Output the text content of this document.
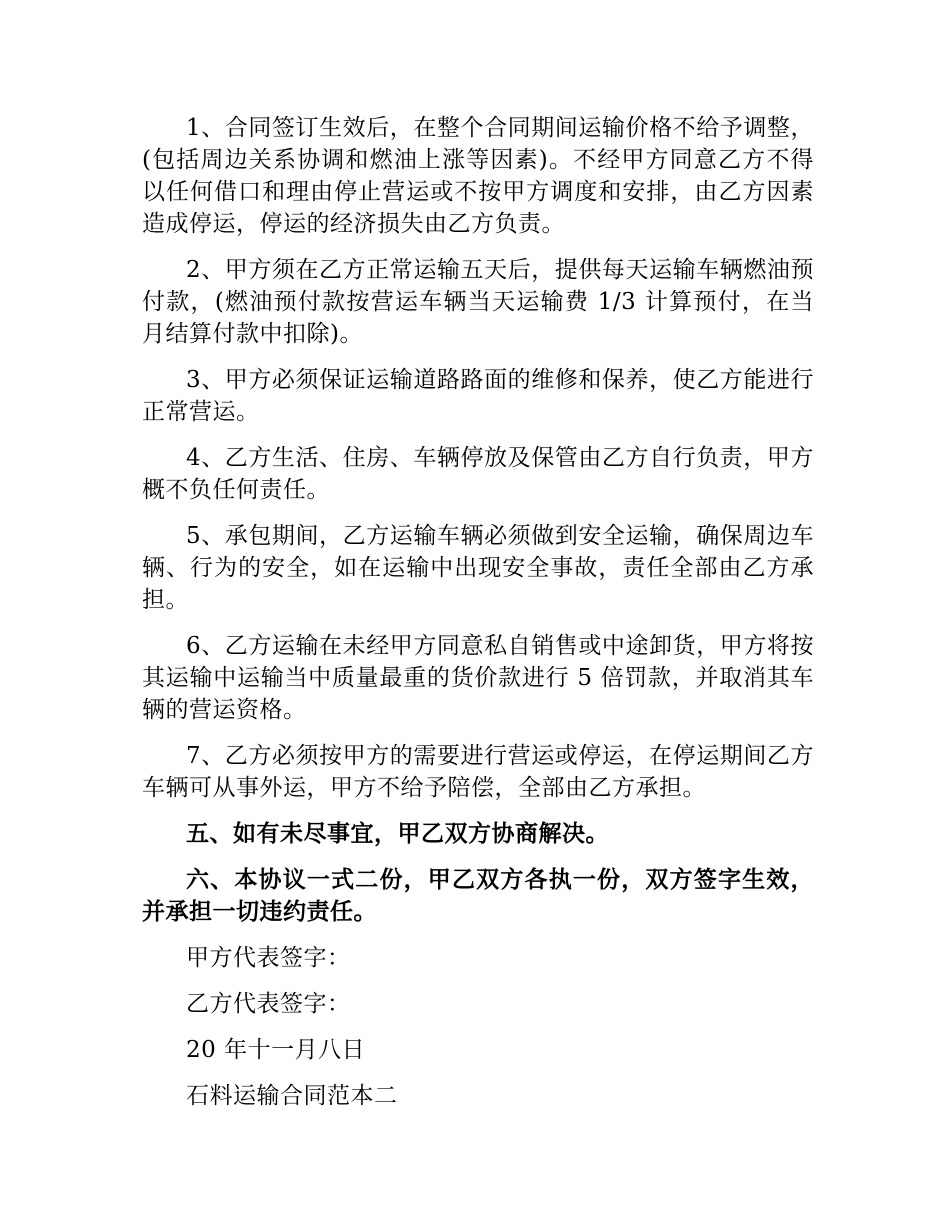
1、合同签订生效后，在整个合同期间运输价格不给予调整，(包括周边关系协调和燃油上涨等因素)。不经甲方同意乙方不得以任何借口和理由停止营运或不按甲方调度和安排，由乙方因素造成停运，停运的经济损失由乙方负责。

2、甲方须在乙方正常运输五天后，提供每天运输车辆燃油预付款，(燃油预付款按营运车辆当天运输费 1/3 计算预付，在当月结算付款中扣除)。

3、甲方必须保证运输道路路面的维修和保养，使乙方能进行正常营运。

4、乙方生活、住房、车辆停放及保管由乙方自行负责，甲方概不负任何责任。

5、承包期间，乙方运输车辆必须做到安全运输，确保周边车辆、行为的安全，如在运输中出现安全事故，责任全部由乙方承担。

6、乙方运输在未经甲方同意私自销售或中途卸货，甲方将按其运输中运输当中质量最重的货价款进行 5 倍罚款，并取消其车辆的营运资格。

7、乙方必须按甲方的需要进行营运或停运，在停运期间乙方车辆可从事外运，甲方不给予陪偿，全部由乙方承担。

五、如有未尽事宜，甲乙双方协商解决。

六、本协议一式二份，甲乙双方各执一份，双方签字生效，并承担一切违约责任。

甲方代表签字：

乙方代表签字：

20 年十一月八日

石料运输合同范本二
